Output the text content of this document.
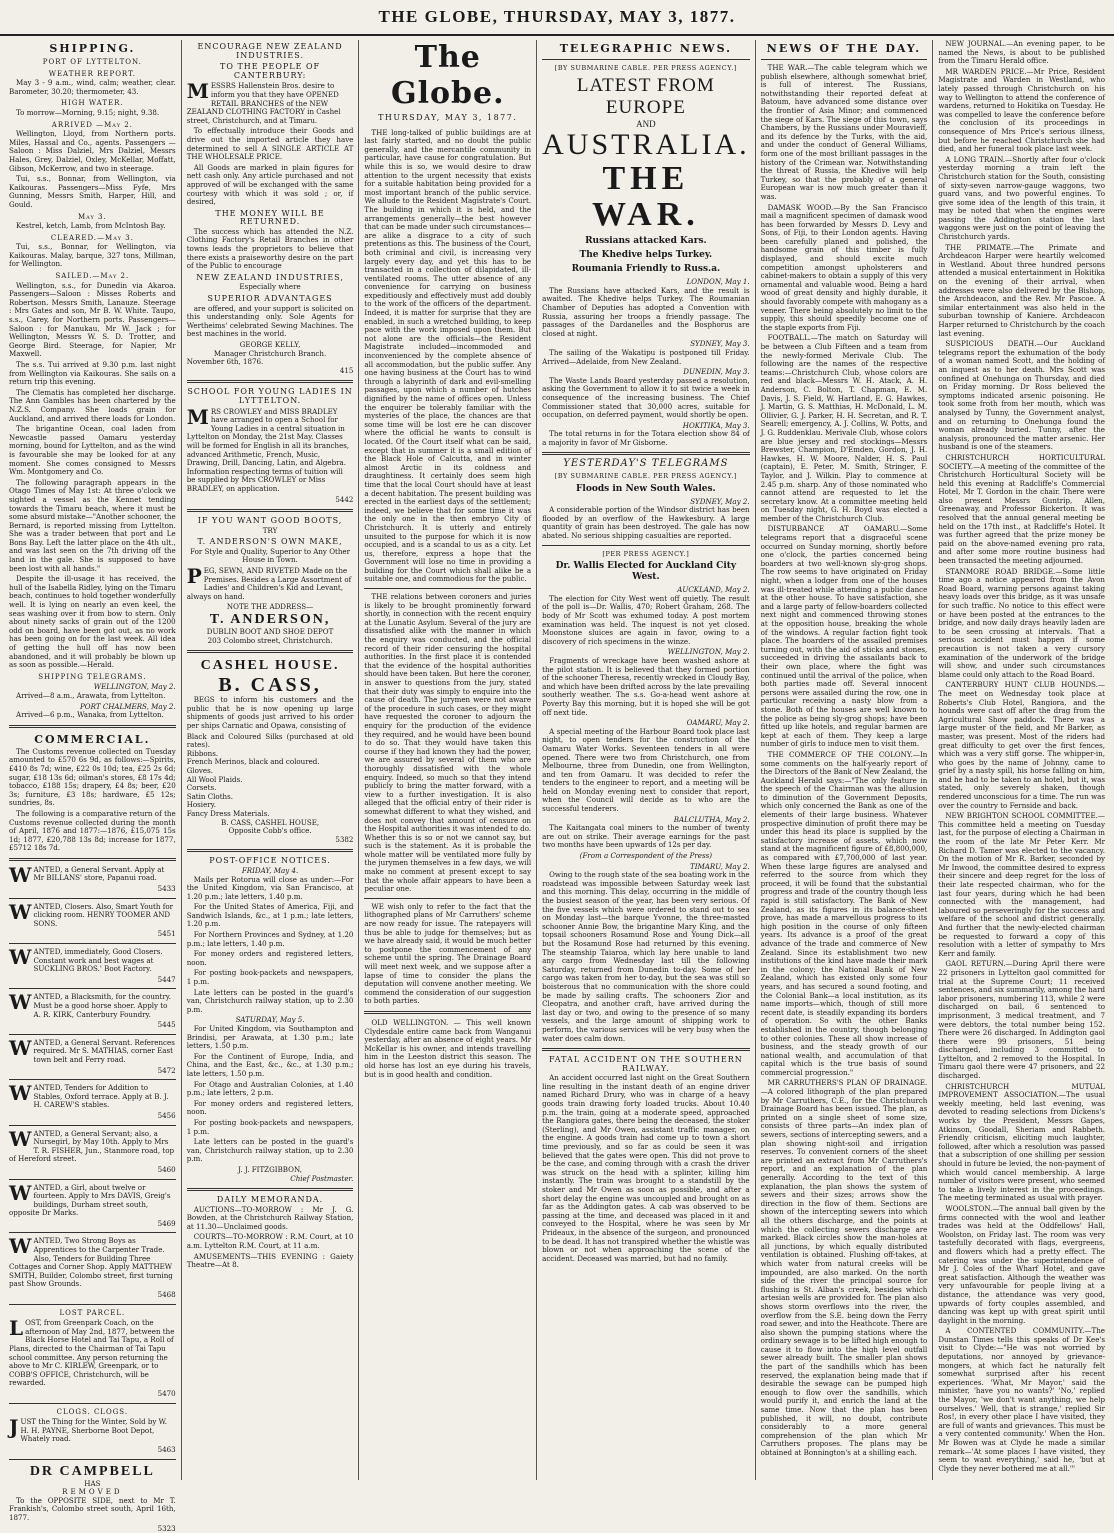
THE GLOBE, THURSDAY, MAY 3, 1877.
SHIPPING.
PORT OF LYTTELTON.
WEATHER REPORT.

May 3 - 9 a.m., wind, calm; weather, clear. Barometer, 30.20; thermometer, 43.

HIGH WATER.

To morrow—Morning, 9.15; night, 9.38.

ARRIVED —May 2.

Wellington, Lloyd, from Northern ports. Miles, Hassal and Co., agents. Passengers —Saloon : Miss Dalziel, Mrs Dalziel, Messrs Hales, Grey, Dalziel, Oxley, McKellar, Moffatt, Gibson, McKerrow, and two in steerage.

Tui, s.s., Bonnar, from Wellington, via Kaikouras. Passengers—Miss Fyfe, Mrs Gunning, Messrs Smith, Harper, Hill, and Gould.

May 3.

Kestrel, ketch, Lamb, from McIntosh Bay.

CLEARED.—May 3.

Tui, s.s., Bonnar, for Wellington, via Kaikouras. Malay, barque, 327 tons, Millman, for Wellington.

SAILED.—May 2.

Wellington, s.s., for Dunedin via Akaroa. Passengers—Saloon : Misses Roberts and Robertson. Messrs Smith, Lanauze. Steerage : Mrs Gates and son, Mr B. W. White. Taupo, s.s., Carey, for Northern ports. Passengers—Saloon : for Manukau, Mr W. Jack ; for Wellington, Messrs W. S. D. Trotter, and George Bird. Steerage, for Napier, Mr Maxwell.

The s.s. Tui arrived at 9.30 p.m. last night from Wellington via Kaikouras. She sails on a return trip this evening.

The Clematis has completed her discharge. The Ann Gambles has been chartered by the N.Z.S. Company. She loads grain for Auckland, and arrived there loads for London.

The brigantine Ocean, coal laden from Newcastle passed Oamaru yesterday morning, bound for Lyttelton, and as the wind is favourable she may be looked for at any moment. She comes consigned to Messrs Wm. Montgomery and Co.

The following paragraph appears in the Otago Times of May 1st: At three o'clock we sighted a vessel as the Kennet tending towards the Timaru beach, where it must be some absurd mistake—"Another schooner, the Bernard, is reported missing from Lyttelton. She was a trader between that port and Le Bons Bay. Left the latter place on the 4th ult., and was last seen on the 7th driving off the land in the gale. She is supposed to have been lost with all hands."

Despite the ill-usage it has received, the hull of the Isabella Ridley, lying on the Timaru beach, continues to hold together wonderfully well. It is lying on nearly an even keel, the seas washing over it from bow to stern. Only about ninety sacks of grain out of the 1200 odd on board, have been got out, as no work has been going on for the last week. All idea of getting the hull off has now been abandoned, and it will probably be blown up as soon as possible.—Herald.

SHIPPING TELEGRAMS.
WELLINGTON, May 2.

Arrived—8 a.m., Arawata, from Lyttelton.

PORT CHALMERS, May 2.

Arrived—6 p.m., Wanaka, from Lyttelton.

COMMERCIAL.

The Customs revenue collected on Tuesday amounted to £570 6s 9d, as follows:—Spirits, £410 8s 7d; wine, £22 0s 10d; tea, £25 2s 6d; sugar, £18 13s 6d; oilman's stores, £8 17s 4d; tobacco, £188 15s; drapery, £4 8s; beer, £20 3s; furniture, £3 18s; hardware, £5 12s; sundries, 8s.

The following is a comparative return of the Customs revenue collected during the month of April, 1876 and 1877:—1876, £15,075 15s 1d; 1877, £20,788 13s 8d; increase for 1877, £5712 18s 7d.

WANTED, a General Servant. Apply at Mr BILLANS' store, Papanui road.
5433
WANTED, Closers. Also, Smart Youth for clicking room. HENRY TOOMER AND SONS.
5451
WANTED, immediately, Good Closers. Constant work and best wages at SUCKLING BROS.' Boot Factory.
5447
WANTED, a Blacksmith, for the country. Must be a good horse shoer. Apply to A. R. KIRK, Canterbury Foundry.
5445
WANTED, a General Servant. References required. Mr S. MATHIAS, corner East town belt and Ferry road.
5472
WANTED, Tenders for Addition to Stables, Oxford terrace. Apply at B. J. H. CAREW'S stables.
5456
WANTED, a General Servant; also, a Nursegirl, by May 10th. Apply to Mrs T. R. FISHER, Jun., Stanmore road, top of Hereford street.
5460
WANTED, a Girl, about twelve or fourteen. Apply to Mrs DAVIS, Greig's buildings, Durham street south, opposite Dr Marks.
5469
WANTED, Two Strong Boys as Apprentices to the Carpenter Trade. Also, Tenders for Building Three Cottages and Corner Shop. Apply MATTHEW SMITH, Builder, Colombo street, first turning past Show Grounds.
5468
LOST PARCEL.
LOST, from Greenpark Coach, on the afternoon of May 2nd, 1877, between the Black Horse Hotel and Tai Tapu, a Roll of Plans, directed to the Chairman of Tai Tapu school committee. Any person returning the above to Mr C. KIRLEW, Greenpark, or to COBB'S OFFICE, Christchurch, will be rewarded.
5470
CLOGS. CLOGS.
JUST the Thing for the Winter, Sold by W. H. H. PAYNE, Sherborne Boot Depot, Whately road.
5463
DR CAMPBELL
HAS
REMOVED

To the OPPOSITE SIDE, next to Mr T. Frankish's, Colombo street south, April 16th, 1877.

5323
ENCOURAGE NEW ZEALAND INDUSTRIES.
TO THE PEOPLE OF CANTERBURY:
MESSRS Hallenstein Bros. desire to inform you that they have OPENED RETAIL BRANCHES of the NEW ZEALAND CLOTHING FACTORY in Cashel street, Christchurch, and at Timaru.

To effectually introduce their Goods and drive out the imported article they have determined to sell A SINGLE ARTICLE AT THE WHOLESALE PRICE.

All Goods are marked in plain figures for nett cash only. Any article purchased and not approved of will be exchanged with the same courtesy with which it was sold ; or, if desired,

THE MONEY WILL BE RETURNED.

The success which has attended the N.Z. Clothing Factory's Retail Branches in other towns leads the proprietors to believe that there exists a praiseworthy desire on the part of the Public to encourage

NEW ZEALAND INDUSTRIES,
Especially where
SUPERIOR ADVANTAGES

are offered, and your support is solicited on this understanding only. Sole Agents for Wertheims' celebrated Sewing Machines. The best machines in the world.

GEORGE KELLY,
Manager Christchurch Branch.
November 6th, 1876.
415
SCHOOL FOR YOUNG LADIES IN LYTTELTON.
MRS CROWLEY and MISS BRADLEY have arranged to open a School for Young Ladies in a central situation in Lyttelton on Monday, the 21st May. Classes will be formed for English in all its branches, advanced Arithmetic, French, Music, Drawing, Drill, Dancing, Latin, and Algebra. Information respecting terms of tuition will be supplied by Mrs CROWLEY or Miss BRADLEY, on application.
5442
IF YOU WANT GOOD BOOTS,
TRY
T. ANDERSON'S OWN MAKE,
For Style and Quality, Superior to Any Other House in Town.
PEG, SEWN, AND RIVETED Made on the Premises. Besides a Large Assortment of Ladies' and Children's Kid and Levant, always on hand.
NOTE THE ADDRESS—
T. ANDERSON,
DUBLIN BOOT AND SHOE DEPOT
203 Colombo street, Christchurch.
CASHEL HOUSE.
B. CASS,

BEGS to inform his customers and the public that he is now opening up large shipments of goods just arrived to his order per ships Carnatic and Opawa, consisting of

Black and Coloured Silks (purchased at old rates).
Ribbons.
French Merinos, black and coloured.
Gloves.
All Wool Plaids.
Corsets.
Satin Cloths.
Hosiery.
Fancy Dress Materials.
B. CASS, CASHEL HOUSE,
Opposite Cobb's office.
5382
POST-OFFICE NOTICES.
FRIDAY, May 4.

Mails per Rotorua will close as under:—For the United Kingdom, via San Francisco, at 1.20 p.m.; late letters, 1.40 p.m.

For the United States of America, Fiji, and Sandwich Islands, &c., at 1 p.m.; late letters, 1.20 p.m.

For Northern Provinces and Sydney, at 1.20 p.m.; late letters, 1.40 p.m.

For money orders and registered letters, noon.

For posting book-packets and newspapers, 1 p.m.

Late letters can be posted in the guard's van, Christchurch railway station, up to 2.30 p.m.

SATURDAY, May 5.

For United Kingdom, via Southampton and Brindisi, per Arawata, at 1.30 p.m.; late letters, 1.50 p.m.

For the Continent of Europe, India, and China, and the East, &c., &c., at 1.30 p.m.; late letters, 1.50 p.m.

For Otago and Australian Colonies, at 1.40 p.m.; late letters, 2 p.m.

For money orders and registered letters, noon.

For posting book-packets and newspapers, 1 p.m.

Late letters can be posted in the guard's van, Christchurch railway station, up to 2.30 p.m.

J. J. FITZGIBBON,
Chief Postmaster.
DAILY MEMORANDA.

AUCTIONS—TO-MORROW : Mr J. G. Bowden, at the Christchurch Railway Station, at 11.30—Unclaimed goods.

COURTS—TO-MORROW : R.M. Court, at 10 a.m. Lyttelton R.M. Court, at 11 a.m.

AMUSEMENTS—THIS EVENING : Gaiety Theatre—At 8.

The Globe.
THURSDAY, MAY 3, 1877.

THE long-talked of public buildings are at last fairly started, and no doubt the public generally, and the mercantile community in particular, have cause for congratulation. But while this is so, we would desire to draw attention to the urgent necessity that exists for a suitable habitation being provided for a most important branch of the public service. We allude to the Resident Magistrate's Court. The building in which it is held, and the arrangements generally—the best however that can be made under such circumstances—are alike a disgrace to a city of such pretentions as this. The business of the Court, both criminal and civil, is increasing very largely every day, and yet this has to be transacted in a collection of dilapidated, ill-ventilated rooms. The utter absence of any convenience for carrying on business expeditiously and effectively must add doubly to the work of the officers of the department. Indeed, it is matter for surprise that they are enabled, in such a wretched building, to keep pace with the work imposed upon them. But not alone are the officials—the Resident Magistrate included—incommoded and inconvenienced by the complete absence of all accommodation, but the public suffer. Any one having business at the Court has to wind through a labyrinth of dark and evil-smelling passages, upon which a number of hutches dignified by the name of offices open. Unless the enquirer be tolerably familiar with the mysteries of the place, the chances are that some time will be lost ere he can discover where the official he wants to consult is located. Of the Court itself what can be said, except that in summer it is a small edition of the Black Hole of Calcutta, and in winter almost Arctic in its coldness and draughtiness. It certainly does seem high time that the local Court should have at least a decent habitation. The present building was erected in the earliest days of the settlement; indeed, we believe that for some time it was the only one in the then embryo City of Christchurch. It is utterly and entirely unsuited to the purpose for which it is now occupied, and is a scandal to us as a city. Let us, therefore, express a hope that the Government will lose no time in providing a building for the Court which shall alike be a suitable one, and commodious for the public.

THE relations between coroners and juries is likely to be brought prominently forward shortly, in connection with the recent enquiry at the Lunatic Asylum. Several of the jury are dissatisfied alike with the manner in which the enquiry was conducted, and the official record of their rider censuring the hospital authorities. In the first place it is contended that the evidence of the hospital authorities should have been taken. But here the coroner, in answer to questions from the jury, stated that their duty was simply to enquire into the cause of death. The jurymen were not aware of the procedure in such cases, or they might have requested the coroner to adjourn the enquiry for the production of the evidence they required, and he would have been bound to do so. That they would have taken this course if they had known they had the power, we are assured by several of them who are thoroughly dissatisfied with the whole enquiry. Indeed, so much so that they intend publicly to bring the matter forward, with a view to a further investigation. It is also alleged that the official entry of their rider is somewhat different to what they wished, and does not convey that amount of censure on the Hospital authorities it was intended to do. Whether this is so or not we cannot say, but such is the statement. As it is probable the whole matter will be ventilated more fully by the jurymen themselves in a few days, we will make no comment at present except to say that the whole affair appears to have been a peculiar one.

WE wish only to refer to the fact that the lithographed plans of Mr Carruthers' scheme are now ready for issue. The ratepayers will thus be able to judge for themselves; but as we have already said, it would be much better to postpone the commencement of any scheme until the spring. The Drainage Board will meet next week, and we suppose after a lapse of time to consider the plans the deputation will convene another meeting. We commend the consideration of our suggestion to both parties.

OLD WELLINGTON. — This well known Clydesdale entire came back from Wanganui yesterday, after an absence of eight years. Mr McKellar is his owner, and intends travelling him in the Leeston district this season. The old horse has lost an eye during his travels, but is in good health and condition.

TELEGRAPHIC NEWS.
[BY SUBMARINE CABLE. PER PRESS AGENCY.]
LATEST FROM EUROPE
AND
AUSTRALIA.
THE WAR.
Russians attacked Kars.
The Khedive helps Turkey.
Roumania Friendly to Russ.a.
LONDON, May 1.

The Russians have attacked Kars, and the result is awaited. The Khedive helps Turkey. The Roumanian Chamber of Deputies has adopted a Convention with Russia, assuring her troops a friendly passage. The passages of the Dardanelles and the Bosphorus are closed at night.

SYDNEY, May 3.

The sailing of the Wakatipu is postponed till Friday. Arrived—Adelaide, from New Zealand.

DUNEDIN, May 3.

The Waste Lands Board yesterday passed a resolution, asking the Government to allow it to sit twice a week in consequence of the increasing business. The Chief Commissioner stated that 30,000 acres, suitable for occupation, on deferred payment, would shortly be open.

HOKITIKA, May 3.

The total returns in for the Totara election show 84 of a majority in favor of Mr Gisborne.

YESTERDAY'S TELEGRAMS
[BY SUBMARINE CABLE. PER PRESS AGENCY.]
Floods in New South Wales.
SYDNEY, May 2.

A considerable portion of the Windsor district has been flooded by an overflow of the Hawkesbury. A large quantity of grain has been destroyed. The gale has now abated. No serious shipping casualties are reported.

[PER PRESS AGENCY.]
Dr. Wallis Elected for Auckland City West.
AUCKLAND, May 2.

The election for City West went off quietly. The result of the poll is—Dr. Wallis, 470; Robert Graham, 268. The body of Mr Scott was exhumed today. A post mortem examination was held. The inquest is not yet closed. Moonstone sluices are again in favor, owing to a discovery of rich specimens in the winze.

WELLINGTON, May 2.

Fragments of wreckage have been washed ashore at the pilot station. It is believed that they formed portion of the schooner Theresa, recently wrecked in Cloudy Bay, and which have been drifted across by the late prevailing southerly weather. The s.s. Go-a-head went ashore at Poverty Bay this morning, but it is hoped she will be got off next tide.

OAMARU, May 2.

A special meeting of the Harbour Board took place last night, to open tenders for the construction of the Oamaru Water Works. Seventeen tenders in all were opened. There were two from Christchurch, one from Melbourne, three from Dunedin, one from Wellington, and ten from Oamaru. It was decided to refer the tenders to the engineer to report, and a meeting will be held on Monday evening next to consider that report, when the Council will decide as to who are the successful tenderers.

BALCLUTHA, May 2.

The Kaitangata coal miners to the number of twenty are out on strike. Their average earnings for the past two months have been upwards of 12s per day.

(From a Correspondent of the Press)
TIMARU, May 2.

Owing to the rough state of the sea boating work in the roadstead was impossible between Saturday week last and this morning. This delay, occurring in the middle of the busiest season of the year, has been very serious. Of the five vessels which were ordered to stand out to sea on Monday last—the barque Yvonne, the three-masted schooner Annie Bow, the brigantine Mary King, and the topsail schooners Rosamund Rose and Young Dick—all but the Rosamund Rose had returned by this evening. The steamship Taiaroa, which lay here unable to land any cargo from Wednesday last till the following Saturday, returned from Dunedin to-day. Some of her cargo was taken from her to-day, but the sea was still so boisterous that no communication with the shore could be made by sailing crafts. The schooners Zior and Cleopatra, and another craft, have arrived during the last day or two, and owing to the presence of so many vessels, and the large amount of shipping work to perform, the various services will be very busy when the water does calm down.

FATAL ACCIDENT ON THE SOUTHERN RAILWAY.

An accident occurred last night on the Great Southern line resulting in the instant death of an engine driver named Richard Drury, who was in charge of a heavy goods train drawing forty loaded trucks. About 10.40 p.m. the train, going at a moderate speed, approached the Rangiora gates, there being the deceased, the stoker (Sterling), and Mr Owen, assistant traffic manager, on the engine. A goods train had come up to town a short time previously, and so far as could be seen it was believed that the gates were open. This did not prove to be the case, and coming through with a crash the driver was struck on the head with a splinter, killing him instantly. The train was brought to a standstill by the stoker and Mr Owen as soon as possible, and after a short delay the engine was uncoupled and brought on as far as the Addington gates. A cab was observed to be passing at the time, and deceased was placed in it and conveyed to the Hospital, where he was seen by Mr Prideaux, in the absence of the surgeon, and pronounced to be dead. It has not transpired whether the whistle was blown or not when approaching the scene of the accident. Deceased was married, but had no family.

NEWS OF THE DAY.

THE WAR.—The cable telegram which we publish elsewhere, although somewhat brief, is full of interest. The Russians, notwithstanding their reported defeat at Batoum, have advanced some distance over the frontier of Asia Minor; and commenced the siege of Kars. The siege of this town, says Chambers, by the Russians under Mouravieff, and its defence by the Turks, with the aid, and under the conduct of General Williams, form one of the most brilliant passages in the history of the Crimean war. Notwithstanding the threat of Russia, the Khedive will help Turkey, so that the probably of a general European war is now much greater than it was.

DAMASK WOOD.—By the San Francisco mail a magnificent specimen of damask wood has been forwarded by Messrs D. Levy and Sons, of Fiji, to their London agents. Having been carefully planed and polished, the handsome grain of this timber is fully displayed, and should excite much competition amongst upholsterers and cabinet-makers to obtain a supply of this very ornamental and valuable wood. Being a hard wood of great density and highly durable, it should favorably compete with mahogany as a veneer. There being absolutely no limit to the supply, this should speedily become one of the staple exports from Fiji.

FOOTBALL.—The match on Saturday will be between a Club Fifteen and a team from the newly-formed Merivale Club. The following are the names of the respective teams:—Christchurch Club, whose colors are red and black—Messrs W. H. Atack, A. H. Anderson, C. Bolton, T. Chapman, E. M. Davis, J. S. Field, W. Hartland, E. G. Hawkes, J. Martin, G. S. Matthias, H. McDonald, L. M. Ollivier, G. J. Parker, H. H. Secretan, and R. T. Searell; emergency, A. J. Collins, W. Potts, and J. G. Ruddenklau. Merivale Club, whose colors are blue jersey and red stockings—Messrs Brewster, Champion, D'Emden, Gordon, J. H. Hawkes, H. W. Moore, Nalder, H. S. Paul (captain), E. Peter, M. Smith, Stringer, F. Taylor, and J. Wilkin. Play to commence at 2.45 p.m. sharp. Any of those nominated who cannot attend are requested to let the secretary know. At a committee meeting held on Tuesday night, G. H. Boyd was elected a member of the Christchurch Club.

DISTURBANCE AT OAMARU.—Some telegrams report that a disgraceful scene occurred on Sunday morning, shortly before one o'clock, the parties concerned being boarders at two well-known sly-grog shops. The row seems to have originated on Friday night, when a lodger from one of the houses was ill-treated while attending a public dance at the other house. To have satisfaction, she and a large party of fellow-boarders collected next night and commenced throwing stones at the opposition house, breaking the whole of the windows. A regular faction fight took place. The boarders of the assailed premises turning out, with the aid of sticks and stones, succeeded in driving the assailants back to their own place, where the fight was continued until the arrival of the police, when both parties made off. Several innocent persons were assailed during the row, one in particular receiving a nasty blow from a stone. Both of the houses are well known to the police as being sly-grog shops; have been fitted up like hotels, and regular barmen are kept at each of them. They keep a large number of girls to induce men to visit them.

THE COMMERCE OF THE COLONY.—In some comments on the half-yearly report of the Directors of the Bank of New Zealand, the Auckland Herald says:—"The only feature in the speech of the Chairman was the allusion to diminution of the Government Deposits, which only concerned the Bank as one of the elements of their large business. Whatever prospective diminution of profit there may be under this head its place is supplied by the satisfactory increase of assets, which now stand at the magnificent figure of £8,800,000, as compared with £7,700,000 of last year. When these large figures are analysed and referred to the source from which they proceed, it will be found that the substantial progress and trade of the country though less rapid is still satisfactory. The Bank of New Zealand, as its figures in its balance-sheet prove, has made a marvellous progress to its high position in the course of only fifteen years. Its advance is a proof of the great advance of the trade and commerce of New Zealand. Since its establishment two new institutions of the kind have made their mark in the colony; the National Bank of New Zealand, which has existed only some four years, and has secured a sound footing, and the Colonial Bank—a local institution, as its name imports—which, though of still more recent date, is steadily expanding its borders of operation. So with the other Banks established in the country, though belonging to other colonies. These all show increase of business, and the steady growth of our national wealth, and accumulation of that capital which is the true basis of sound commercial progression."

MR CARRUTHERS'S PLAN OF DRAINAGE.—A colored lithograph of the plan prepared by Mr Carruthers, C.E., for the Christchurch Drainage Board has been issued. The plan, as printed on a single sheet of some size, consists of three parts—An index plan of sewers, sections of intercepting sewers, and a plan showing night-soil and irrigation reserves. To convenient corners of the sheet are printed an extract from Mr Carruthers's report, and an explanation of the plan generally. According to the text of this explanation, the plan shows the system of sewers and their sizes; arrows show the direction in the flow of them. Sections are shown of the intercepting sewers into which all the others discharge, and the points at which the collecting sewers discharge are marked. Black circles show the man-holes at all junctions, by which equally distributed ventilation is obtained. Flushing off-takes, at which water from natural creeks will be impounded, are also marked. On the north side of the river the principal source for flushing is St. Alban's creek, besides which artesian wells are provided for. The plan also shows storm overflows into the river, the overflow from the S.E. being down the Ferry road sewer, and into the Heathcote. There are also shown the pumping stations where the ordinary sewage is to be lifted high enough to cause it to flow into the high level outfall sewer already built. The smaller plan shows the part of the sandhills which has been reserved, the explanation being made that if desirable the sewage can be pumped high enough to flow over the sandhills, which would purify it, and enrich the land at the same time. Now that the plan has been published, it will, no doubt, contribute considerably to a more general comprehension of the plan which Mr Carruthers proposes. The plans may be obtained at Bonnington's at a shilling each.

NEW JOURNAL.—An evening paper, to be named the News, is about to be published from the Timaru Herald office.

MR WARDEN PRICE.—Mr Price, Resident Magistrate and Warden in Westland, who lately passed through Christchurch on his way to Wellington to attend the conference of wardens, returned to Hokitika on Tuesday. He was compelled to leave the conference before the conclusion of its proceedings in consequence of Mrs Price's serious illness, but before he reached Christchurch she had died, and her funeral took place last week.

A LONG TRAIN.—Shortly after four o'clock yesterday morning a train left the Christchurch station for the South, consisting of sixty-seven narrow-gauge waggons, two guard vans, and two powerful engines. To give some idea of the length of this train, it may be noted that when the engines were passing the Addington station the last waggons were just on the point of leaving the Christchurch yards.

THE PRIMATE.—The Primate and Archdeacon Harper were heartily welcomed in Westland. About three hundred persons attended a musical entertainment in Hokitika on the evening of their arrival, when addresses were also delivered by the Bishop, the Archdeacon, and the Rev. Mr Pascoe. A similar entertainment was also held in the suburban township of Kaniere. Archdeacon Harper returned to Christchurch by the coach last evening.

SUSPICIOUS DEATH.—Our Auckland telegrams report the exhumation of the body of a woman named Scott, and the holding of an inquest as to her death. Mrs Scott was confined at Onehunga on Thursday, and died on Friday morning. Dr Ross believed the symptoms indicated arsenic poisoning. He took some froth from her mouth, which was analysed by Tunny, the Government analyst, and on returning to Onehunga found the woman already buried. Tunny, after the analysis, pronounced the matter arsenic. Her husband is one of the steamers.

CHRISTCHURCH HORTICULTURAL SOCIETY.—A meeting of the committee of the Christchurch Horticultural Society will be held this evening at Radcliffe's Commercial Hotel, Mr T. Gordon in the chair. There were also present Messrs Guntrip, Allen, Greenaway, and Professor Bickerton. It was resolved that the annual general meeting be held on the 17th inst., at Radcliffe's Hotel. It was further agreed that the prize money be paid on the above-named evening pro rata, and after some more routine business had been transacted the meeting adjourned.

STANMORE ROAD BRIDGE.—Some little time ago a notice appeared from the Avon Road Board, warning persons against taking heavy loads over this bridge, as it was unsafe for such traffic. No notice to this effect were or have been posted at the entrances to the bridge, and now daily drays heavily laden are to be seen crossing at intervals. That a serious accident must happen if some precaution is not taken a very cursory examination of the underwork of the bridge will show, and under such circumstances blame could only attach to the Road Board.

CANTERBURY HUNT CLUB HOUNDS.—The meet on Wednesday took place at Roberts's Club Hotel, Rangiora, and the hounds were cast off after the drag from the Agricultural Show paddock. There was a large muster of the field, and Mr Barker, as master, was present. Most of the riders had great difficulty to get over the first fences, which was a very stiff gorse. The whipper-in, who goes by the name of Johnny, came to grief by a nasty spill, his horse falling on him, and he had to be taken to an hotel, but it, was stated, only severely shaken, though rendered unconscious for a time. The run was over the country to Fernside and back.

NEW BRIGHTON SCHOOL COMMITTEE.—This committee held a meeting on Tuesday last, for the purpose of electing a Chairman in the room of the late Mr Peter Kerr. Mr Richard D. Tamer was elected to the vacancy. On the motion of Mr R. Barker, seconded by Mr Inwood, the committee desired to express their sincere and deep regret for the loss of their late respected chairman, who for the last four years, during which he had been connected with the management, had laboured so perseveringly for the success and welfare of the school and district generally. And further that the newly-elected chairman be requested to forward a copy of this resolution with a letter of sympathy to Mrs Kerr and family.

GAOL RETURN.—During April there were 22 prisoners in Lyttelton gaol committed for trial at the Supreme Court; 11 received sentences, and six summarily, among the hard labor prisoners, numbering 113, while 2 were discharged on bail, 6 sentenced to imprisonment, 3 medical treatment, and 7 were debtors, the total number being 152. There were 26 discharged. In Addington gaol there were 99 prisoners, 51 being discharged, including 3 committed to Lyttelton, and 2 removed to the Hospital. In Timaru gaol there were 47 prisoners, and 22 discharged.

CHRISTCHURCH MUTUAL IMPROVEMENT ASSOCIATION.—The usual weekly meeting, held last evening, was devoted to reading selections from Dickens's works by the President, Messrs Gapes, Atkinson, Goodall, Sheriam and Rabbeth. Friendly criticism, eliciting much laughter, followed, after which a resolution was passed that a subscription of one shilling per session should in future be levied, the non-payment of which would cancel membership. A large number of visitors were present, who seemed to take a lively interest in the proceedings. The meeting terminated as usual with prayer.

WOOLSTON.—The annual ball given by the firms connected with the wool and leather trades was held at the Oddfellows' Hall, Woolston, on Friday last. The room was very tastefully decorated with flags, evergreens, and flowers which had a pretty effect. The catering was under the superintendence of Mr J. Coles of the Wharf Hotel, and gave great satisfaction. Although the weather was very unfavourable for people living at a distance, the attendance was very good, upwards of forty couples assembled, and dancing was kept up with great spirit until daylight in the morning.

A CONTENTED COMMUNITY.—The Dunstan Times tells this speaks of Dr Kee's visit to Clyde:—"He was not worried by deputations, nor annoyed by grievance-mongers, at which fact he naturally felt somewhat surprised after his recent experiences. 'What, Mr Mayor,' said the minister, 'have you no wants?' 'No,' replied the Mayor, 'we don't want anything, we help ourselves.' Well, that is strange,' replied Sir Ros!, in every other place I have visited, they are full of wants and grievances. This must be a very contented community.' When the Hon. Mr Bowen was at Clyde he made a similar remark—'At some places I have visited, they seem to want everything,' said he, 'but at Clyde they never bothered me at all.'"
